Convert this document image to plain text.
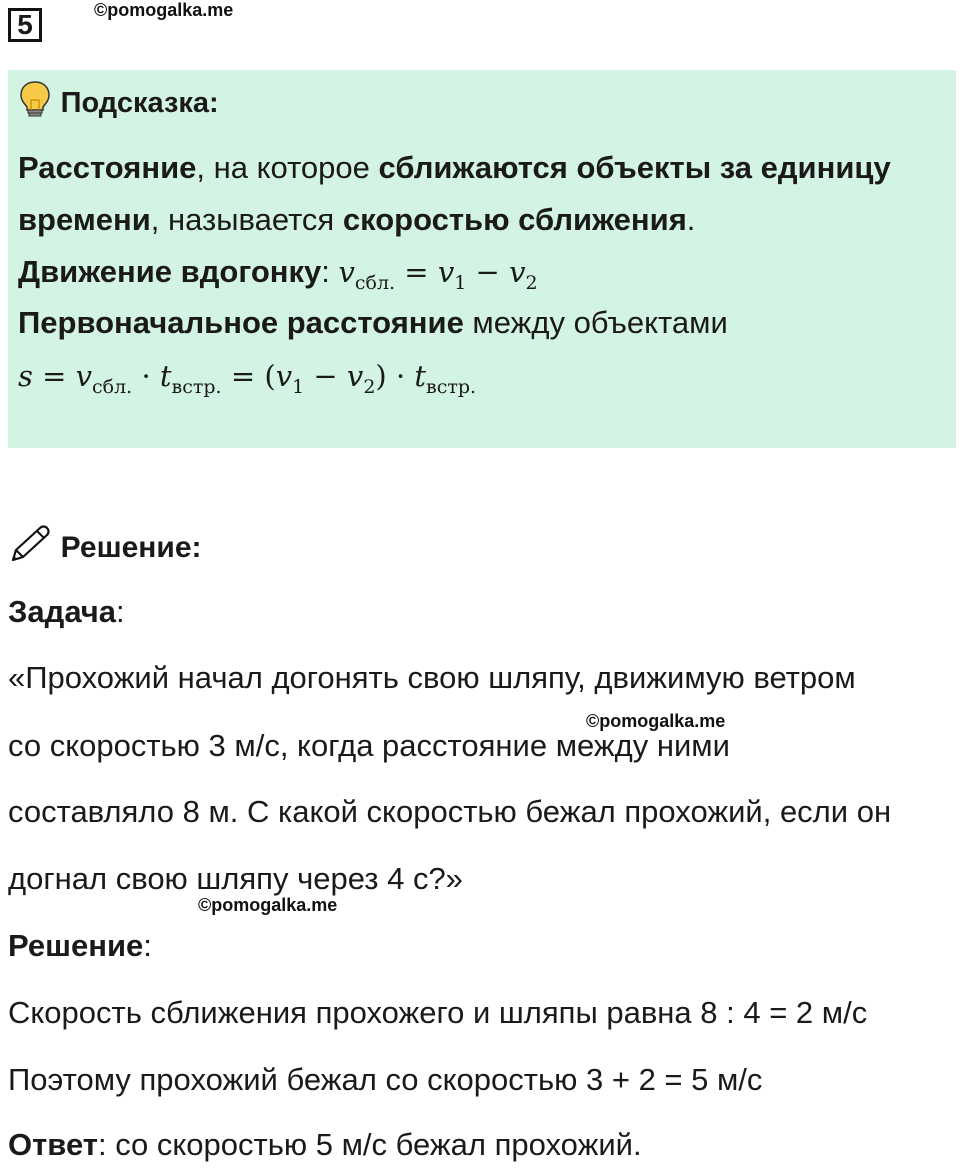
5	©pomogalka.me
Подсказка:
Расстояние, на которое сближаются объекты за единицу
времени, называется скоростью сближения.
Движение вдогонку: $v_{сбл.} = v_1 - v_2$
Первоначальное расстояние между объектами
$s = v_{сбл.} \cdot t_{встр.} = (v_1 - v_2) \cdot t_{встр.}$
Решение:
Задача:
«Прохожий начал догонять свою шляпу, движимую ветром
©pomogalka.me
со скоростью 3 м/с, когда расстояние между ними
составляло 8 м. С какой скоростью бежал прохожий, если он
догнал свою шляпу через 4 с?»
©pomogalka.me
Решение:
Скорость сближения прохожего и шляпы равна 8 : 4 = 2 м/с
Поэтому прохожий бежал со скоростью 3 + 2 = 5 м/с
Ответ: со скоростью 5 м/с бежал прохожий.
